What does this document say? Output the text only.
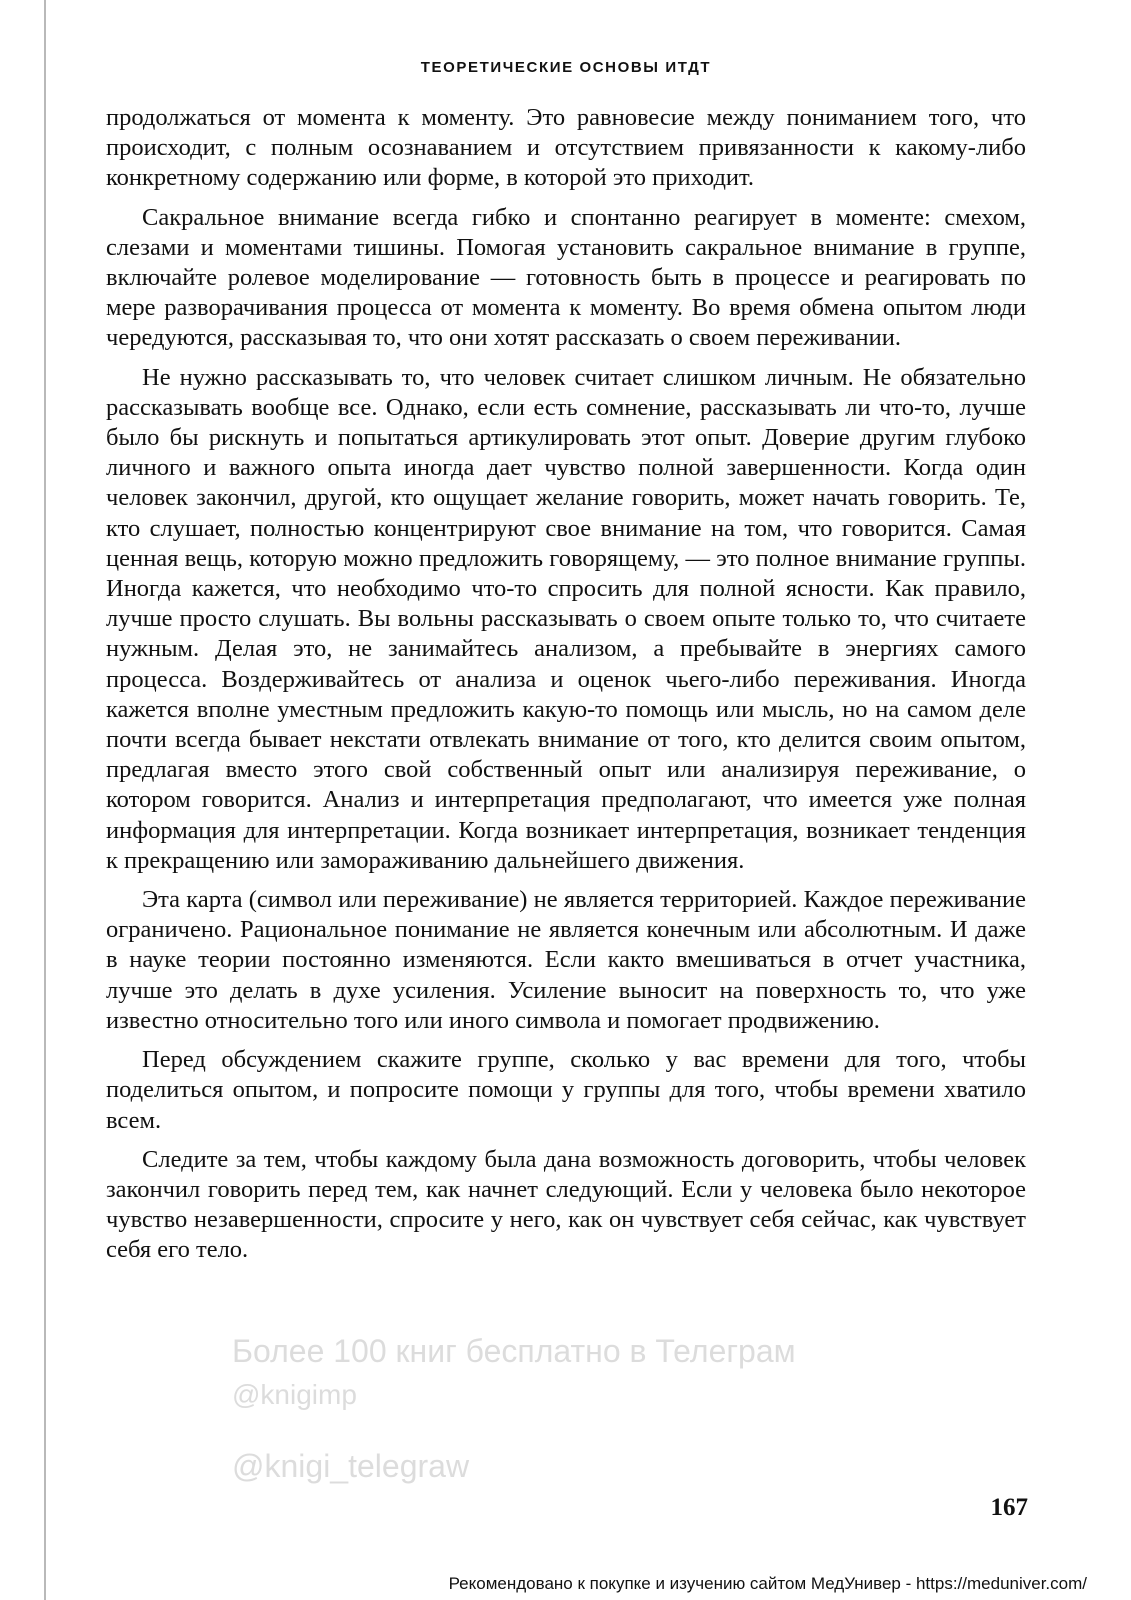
ТЕОРЕТИЧЕСКИЕ ОСНОВЫ ИТДТ

продолжаться от момента к моменту. Это равновесие между пониманием того, что происходит, с полным осознаванием и отсутствием привязанности к какому-либо конкретному содержанию или форме, в которой это приходит.

Сакральное внимание всегда гибко и спонтанно реагирует в моменте: смехом, слезами и моментами тишины. Помогая установить сакральное внимание в группе, включайте ролевое моделирование — готовность быть в процессе и реагировать по мере разворачивания процесса от момента к моменту. Во время обмена опытом люди чередуются, рассказывая то, что они хотят рассказать о своем переживании.

Не нужно рассказывать то, что человек считает слишком личным. Не обязательно рассказывать вообще все. Однако, если есть сомнение, рассказывать ли что-то, лучше было бы рискнуть и попытаться артикулировать этот опыт. Доверие другим глубоко личного и важного опыта иногда дает чувство полной завершенности. Когда один человек закончил, другой, кто ощущает желание говорить, может начать говорить. Те, кто слушает, полностью концентрируют свое внимание на том, что говорится. Самая ценная вещь, которую можно предложить говорящему, — это полное внимание группы. Иногда кажется, что необходимо что-то спросить для полной ясности. Как правило, лучше просто слушать. Вы вольны рассказывать о своем опыте только то, что считаете нужным. Делая это, не занимайтесь анализом, а пребывайте в энергиях самого процесса. Воздерживайтесь от анализа и оценок чьего-либо переживания. Иногда кажется вполне уместным предложить какую-то помощь или мысль, но на самом деле почти всегда бывает некстати отвлекать внимание от того, кто делится своим опытом, предлагая вместо этого свой собственный опыт или анализируя переживание, о котором говорится. Анализ и интерпретация предполагают, что имеется уже полная информация для интерпретации. Когда возникает интерпретация, возникает тенденция к прекращению или замораживанию дальнейшего движения.

Эта карта (символ или переживание) не является территорией. Каждое переживание ограничено. Рациональное понимание не является конечным или абсолютным. И даже в науке теории постоянно изменяются. Если както вмешиваться в отчет участника, лучше это делать в духе усиления. Усиление выносит на поверхность то, что уже известно относительно того или иного символа и помогает продвижению.

Перед обсуждением скажите группе, сколько у вас времени для того, чтобы поделиться опытом, и попросите помощи у группы для того, чтобы времени хватило всем.

Следите за тем, чтобы каждому была дана возможность договорить, чтобы человек закончил говорить перед тем, как начнет следующий. Если у человека было некоторое чувство незавершенности, спросите у него, как он чувствует себя сейчас, как чувствует себя его тело.

Более 100 книг бесплатно в Телеграм
@knigimp
@knigi_telegraw
167
Рекомендовано к покупке и изучению сайтом МедУнивер - https://meduniver.com/
